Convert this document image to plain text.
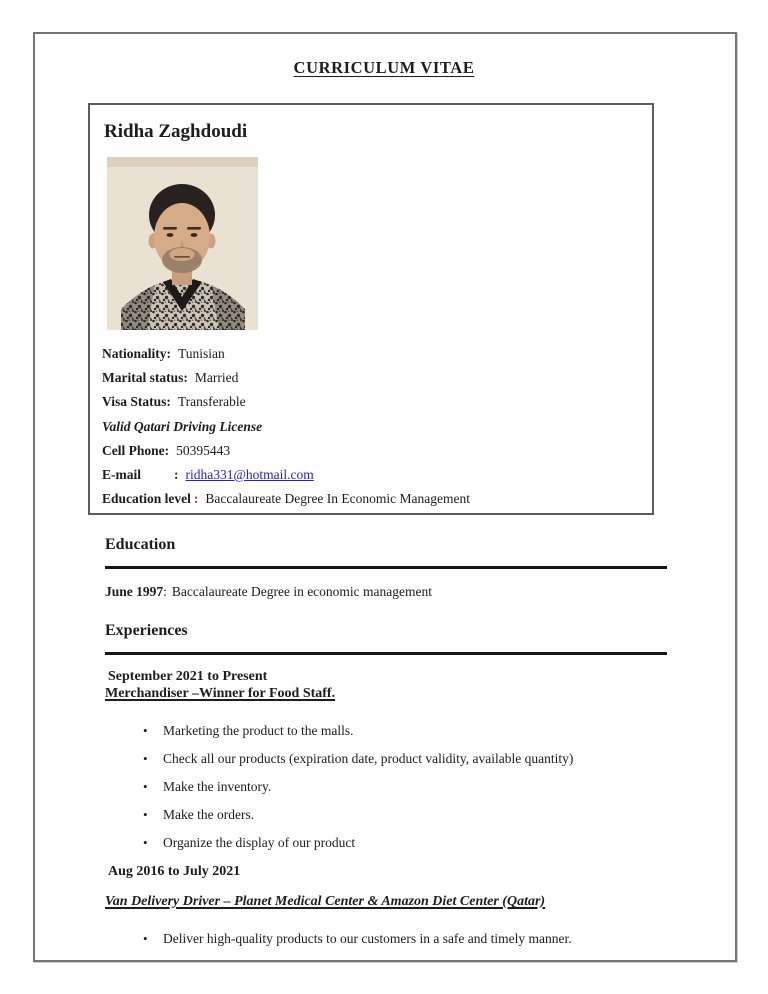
CURRICULUM VITAE
Ridha Zaghdoudi
Nationality: Tunisian
Marital status: Married
Visa Status: Transferable
Valid Qatari Driving License
Cell Phone: 50395443
E-mail : ridha331@hotmail.com
Education level : Baccalaureate Degree In Economic Management
Education
June 1997: Baccalaureate Degree in economic management
Experiences
September 2021 to Present
Merchandiser –Winner for Food Staff.
•	Marketing the product to the malls.
•	Check all our products (expiration date, product validity, available quantity)
•	Make the inventory.
•	Make the orders.
•	Organize the display of our product
Aug 2016 to July 2021
Van Delivery Driver – Planet Medical Center & Amazon Diet Center (Qatar)
•	Deliver high-quality products to our customers in a safe and timely manner.
